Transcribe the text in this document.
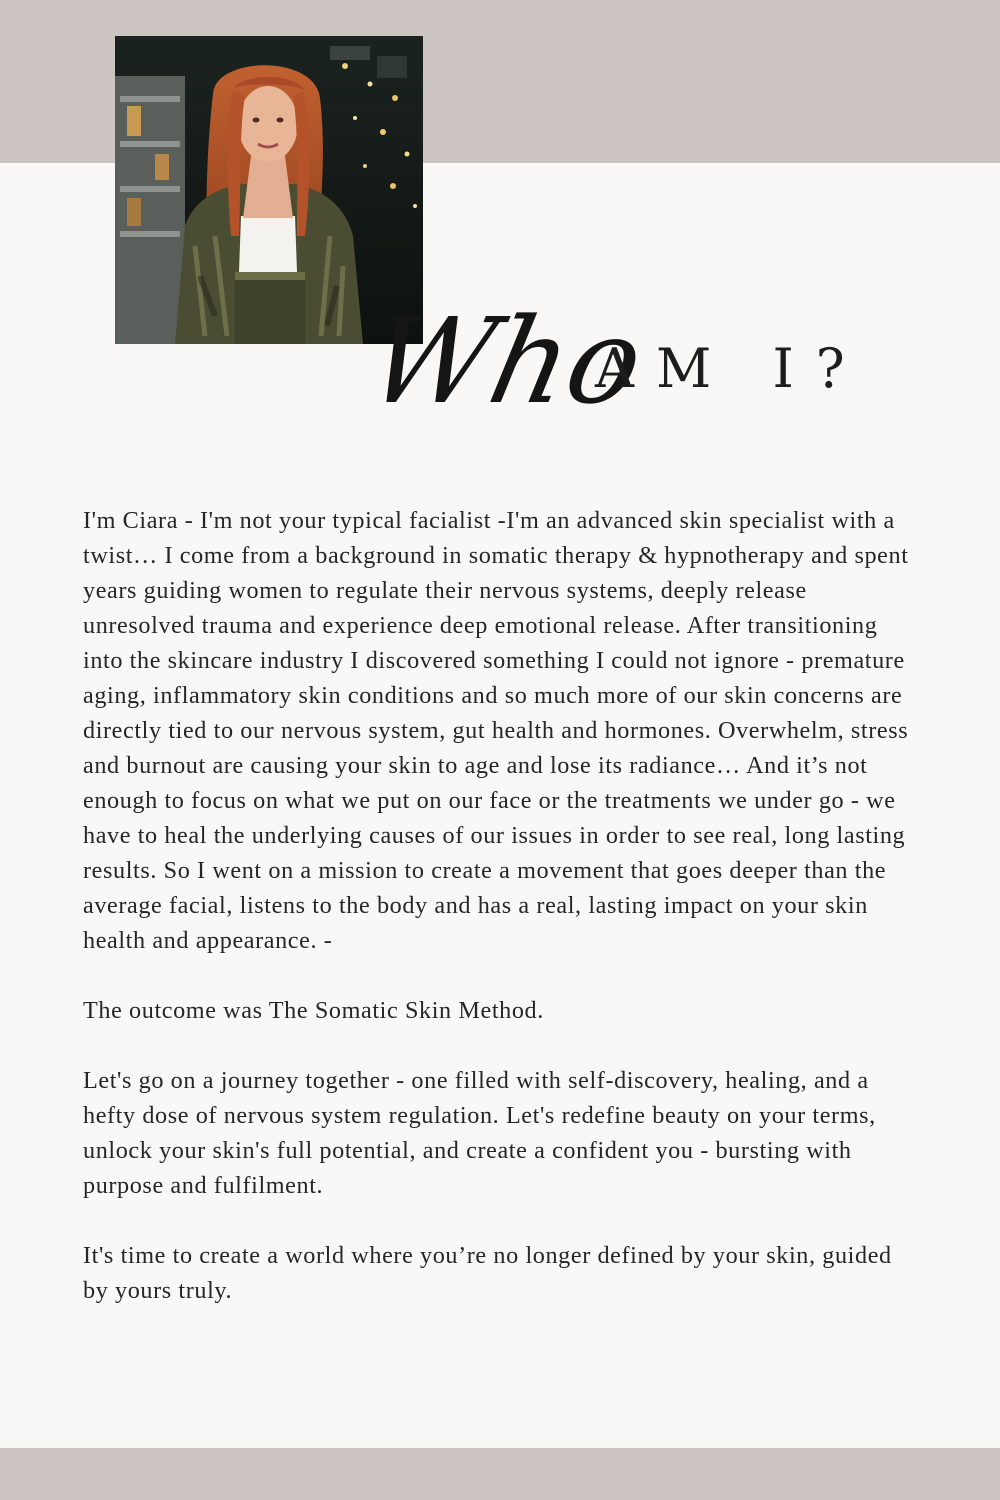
Who
AM I?

I'm Ciara - I'm not your typical facialist -I'm an advanced skin specialist with a twist… I come from a background in somatic therapy & hypnotherapy and spent years guiding women to regulate their nervous systems, deeply release unresolved trauma and experience deep emotional release. After transitioning into the skincare industry I discovered something I could not ignore - premature aging, inflammatory skin conditions and so much more of our skin concerns are directly tied to our nervous system, gut health and hormones. Overwhelm, stress and burnout are causing your skin to age and lose its radiance… And it’s not enough to focus on what we put on our face or the treatments we under go - we have to heal the underlying causes of our issues in order to see real, long lasting results. So I went on a mission to create a movement that goes deeper than the average facial, listens to the body and has a real, lasting impact on your skin health and appearance. -

The outcome was The Somatic Skin Method.

Let's go on a journey together - one filled with self-discovery, healing, and a hefty dose of nervous system regulation. Let's redefine beauty on your terms, unlock your skin's full potential, and create a confident you - bursting with purpose and fulfilment.

It's time to create a world where you’re no longer defined by your skin, guided by yours truly.
